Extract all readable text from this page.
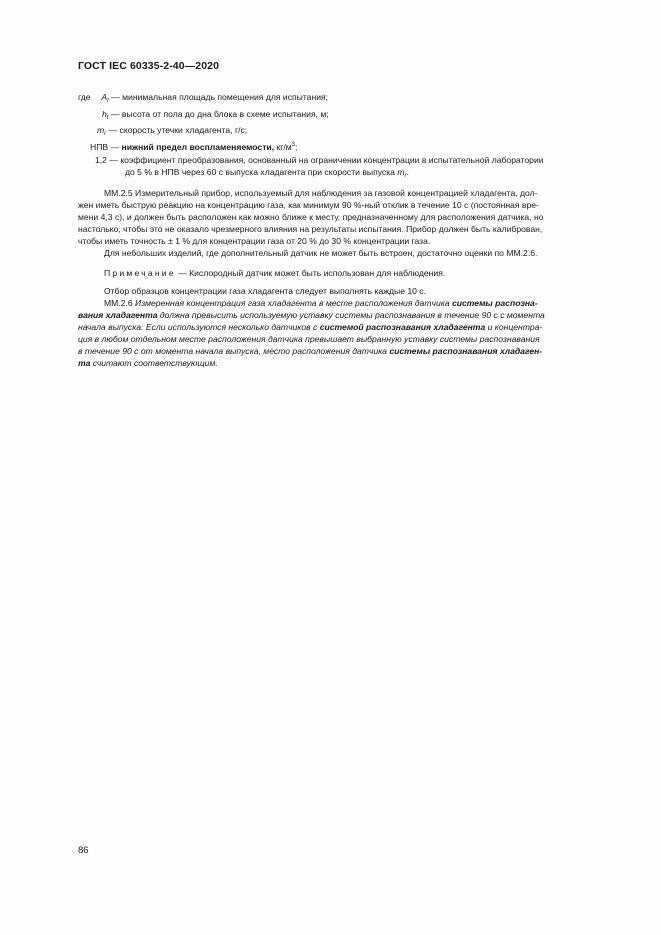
ГОСТ IEC 60335-2-40—2020
где $A_t$ — минимальная площадь помещения для испытания;
$h_t$ — высота от пола до дна блока в схеме испытания, м;
$m_r$ — скорость утечки хладагента, г/с;
НПВ — нижний предел воспламеняемости, $кг/м^3$;
1,2 — коэффициент преобразования, основанный на ограничении концентрации в испытательной лаборатории
до 5 % в НПВ через 60 с выпуска хладагента при скорости выпуска $m_r$.
MM.2.5 Измерительный прибор, используемый для наблюдения за газовой концентрацией хладагента, дол-
жен иметь быструю реакцию на концентрацию газа, как минимум 90 %-ный отклик в течение 10 с (постоянная вре-
мени 4,3 с), и должен быть расположен как можно ближе к месту, предназначенному для расположения датчика, но
настолько, чтобы это не оказало чрезмерного влияния на результаты испытания. Прибор должен быть калиброван,
чтобы иметь точность ± 1 % для концентрации газа от 20 % до 30 % концентрации газа.
Для небольших изделий, где дополнительный датчик не может быть встроен, достаточно оценки по MM.2.6.
Примечание — Кислородный датчик может быть использован для наблюдения.
Отбор образцов концентрации газа хладагента следует выполнять каждые 10 с.
MM.2.6 Измеренная концентрация газа хладагента в месте расположения датчика системы распозна-
вания хладагента должна превысить используемую уставку системы распознавания в течение 90 с с момента
начала выпуска. Если используются несколько датчиков с системой распознавания хладагента и концентра-
ция в любом отдельном месте расположения датчика превышает выбранную уставку системы распознавания
в течение 90 с от момента начала выпуска, место расположения датчика системы распознавания хладаген-
та считают соответствующим.
86
